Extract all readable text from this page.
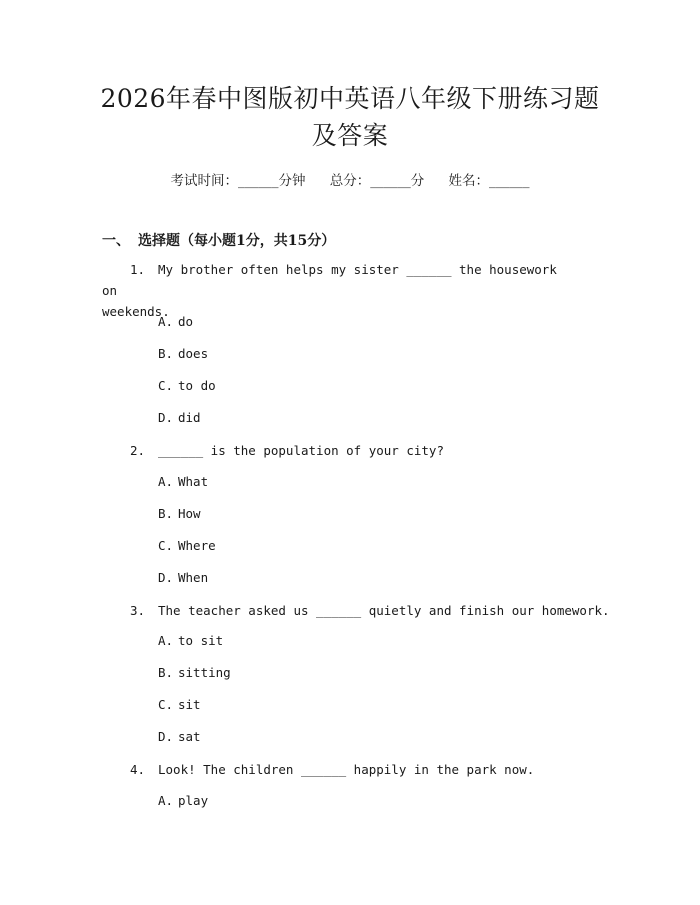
2026年春中图版初中英语八年级下册练习题
及答案
考试时间：______分钟 总分：______分 姓名：______
一、 选择题（每小题1分，共15分）
1. My brother often helps my sister ______ the housework on
weekends.
A. do
B. does
C. to do
D. did
2. ______ is the population of your city?
A. What
B. How
C. Where
D. When
3. The teacher asked us ______ quietly and finish our homework.
A. to sit
B. sitting
C. sit
D. sat
4. Look! The children ______ happily in the park now.
A. play
